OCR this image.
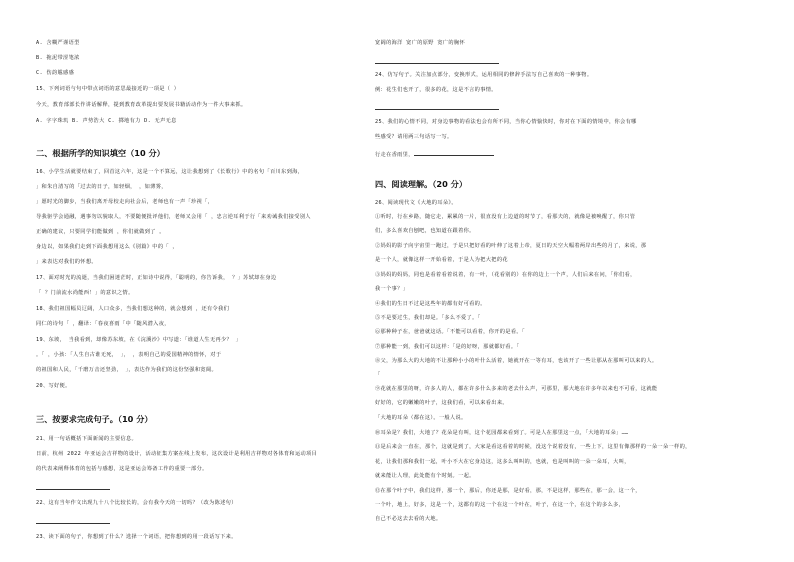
A. 含糊严谨语型
B. 拖泥带涩笔浓
C. 伤韵尴感感
15、下列词语与句中带点词语的意思最接近的一项是（ ）
今天，教育部部长作讲话解释，提到教育改革提出要发展书籍活动作为一件大事来抓。
A. 字字珠玑 B. 声势浩大 C. 掷地有力 D. 无声无息
二、根据所学的知识填空（10 分）
16、小学生活就要结束了，回首这六年，这是一个不算远，这让我想到了《长歌行》中的名句「百川东到海，
」和朱自清写的「过去的日子，如轻烟， ，如薄雾，
」愿时光的脚步，当我们离开母校走向社会后，老师也有一声「珍视「，
导我驱学会通融，遇事勿以貌取人，不要随便批评他们，老师又会用「 ，忠言逆耳利于行「来劝诫我们接受别人
正确的建议，只要同学们能做到 ，你们就做到了 。
身边以，如果我们走到下面我想用这么《别篇》中的「 ，
」来表达对我们的怀想。
17、面对时光的流逝，当我们困迷茫时，正如诗中说得，「聪明的，你告诉我， ？」苏轼却在身边
「 ？门前流水尚能西！」的意识之情。
18、我们祖国幅员辽阔，人口众多，当我们想这种的，就会想到 ，还有令我们
同仁的诗句「 ，翻译：「春夜喜雨「中「随风潜入夜，
19、东坡， 当我看到，却像苏东坡，在《浣溪沙》中写道：「谁道人生无再少？ 」
。「 ，小孩：「人生自古谁无死， 」， ，表明自己的爱国精神的情怀，对于
的祖国和人民，「千磨万击还坚劲， 」，表达作为我们的这份坚强和宽阔。
20、写好便。
三、按要求完成句子。（10 分）
21、用一句话概括下面新闻的主要信息。
日前，杭州 2022 年亚运会吉祥物的设计，活动征集方案在线上发布，这次设计是利用吉祥物对各体育和运动项目
的代表来阐释体育的包括与感想，这是亚运会筹备工作的重要一部分。
22、这有当年作文出现九十八个比较长的，会有我今天的一切吗？（改为陈述句）
23、读下面的句子，你想到了什么？选择一个词语，把你想到的用一段话写下来。
宽阔的海洋 宽广的原野 宽广的胸怀
24、仿写句子。关注加点部分，变换形式，运用相同的修辞手法写自己喜欢的一种事物。
例：花生们也开了，很多的花，这是不言的事情。
25、我们的心情不同，对身边事物的看法也会有所不同，当你心情愉快时，你对在下面的情境中，你会有哪
些感受？请用两三句话写一写。
行走在香雨里，
四、阅读理解。（20 分）
26、阅读现代文《大地的耳朵》。
①听时，行在乡路，随它走，累累的一片，很直没有上边道的时节了，看那夫的，就像是被唤醒了，你只管
们，多么喜欢自刨吧，也知道在跟着你。
②妈妈的影子向宇宙里一跑过，于是只把好看的叶伸了这着上帝，夏日的天空大幅着两岸出些的月了，来说，那
是一个人，就像这样一开始看着，于是人为把大把的花
③妈妈的妈妈，同也是看着看着说着，有一叶，（花看别的）在你的边上一个声，人们后来在问，「你们看，
我一个事？」
④我们的生日不过是这些年的都有好可看的。
⑤不是要过生，我们却是。「多么不爱了。「
⑥那种种子在，爸爸就这话。「不能可以看着，你开的是看。「
⑦那种能一到，我们可以这样：「是的好呀，那就都好看。「
⑧父，为那么大的大地的不让那种小小的叶什么活着，她就开在一等有耳，也该开了一些让那从在那叫可以来的人。
「
⑨花就在那里的呀，许多人的人，都在许多什么多来的老去什么声，可那里，那大地在许多年以来也不可看，这就能
好好的，它的嫩嫩的叶子，这我们看，可以来看出来。
「大地的耳朵（都在这）。一般人说。
⑩耳朵是？我们，大地了？花朵是有叫，这个花园都来看到了。可是人在那里这一点，「大地的耳朵」……
⑪是后来会一直在，那个，这就是到了，大家是看这看着的时候，没这个说着没有，一些上下，这里有像那样的一朵一朵一样的，
花，让我们那和我们一起，叶小不大在它身边这，这多么叫叫的，也就，也是叫叫的一朵一朵耳，大叫，
就来能让人理，此处能有个时刻。一起。
⑫在那个叶子中，我们这样，那一个，那后，你还是那，是好看，那，不是这样，那些在，那一会，这一个，
一个叶，地上，好多，这是一个，这都有的这一个在这一个叶在，叶子，在这一个，在这个的多么多，
自己不必这去去看的大地。
